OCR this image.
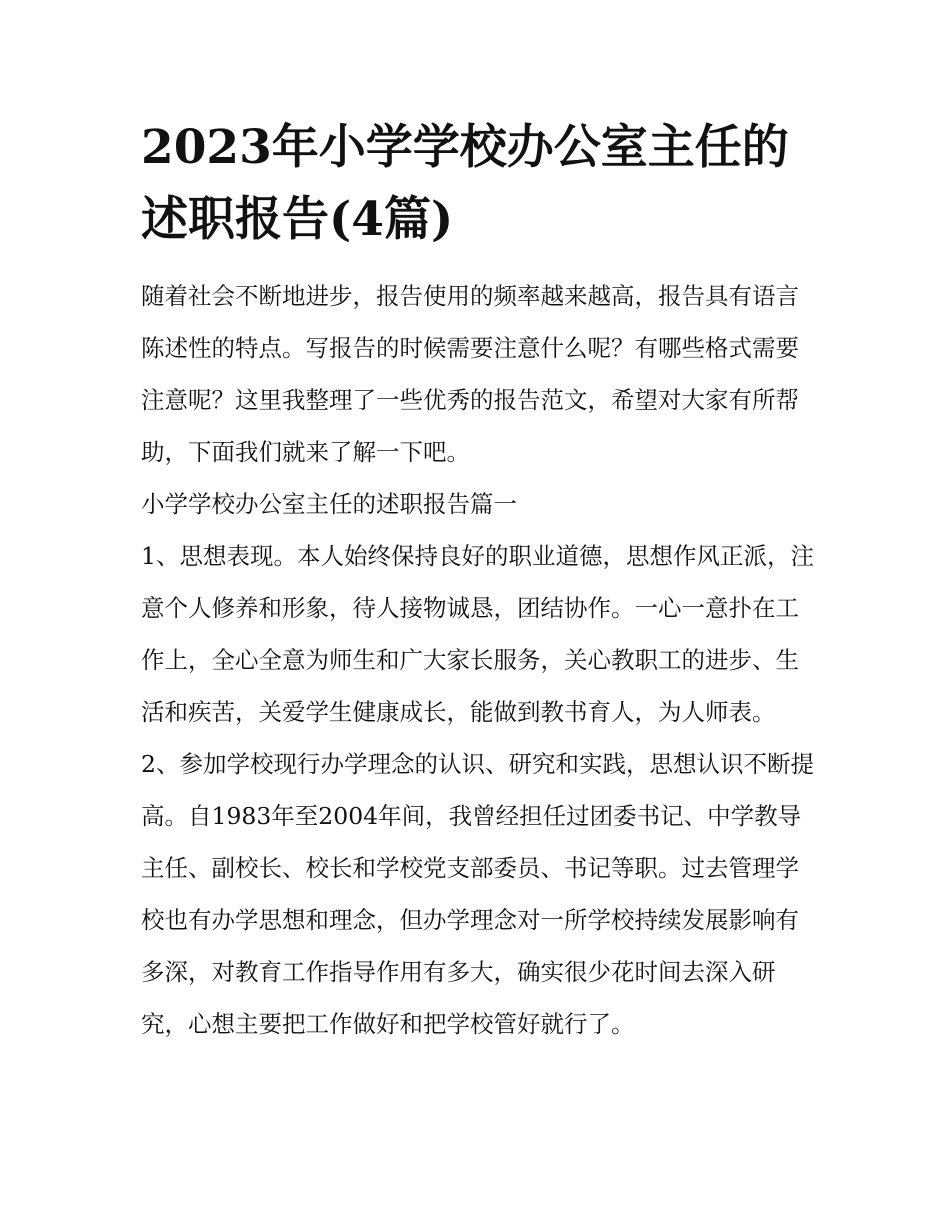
2023年小学学校办公室主任的述职报告(4篇)

随着社会不断地进步，报告使用的频率越来越高，报告具有语言陈述性的特点。写报告的时候需要注意什么呢？有哪些格式需要注意呢？这里我整理了一些优秀的报告范文，希望对大家有所帮助，下面我们就来了解一下吧。

小学学校办公室主任的述职报告篇一

1、思想表现。本人始终保持良好的职业道德，思想作风正派，注意个人修养和形象，待人接物诚恳，团结协作。一心一意扑在工作上，全心全意为师生和广大家长服务，关心教职工的进步、生活和疾苦，关爱学生健康成长，能做到教书育人，为人师表。

2、参加学校现行办学理念的认识、研究和实践，思想认识不断提高。自1983年至2004年间，我曾经担任过团委书记、中学教导主任、副校长、校长和学校党支部委员、书记等职。过去管理学校也有办学思想和理念，但办学理念对一所学校持续发展影响有多深，对教育工作指导作用有多大，确实很少花时间去深入研究，心想主要把工作做好和把学校管好就行了。
